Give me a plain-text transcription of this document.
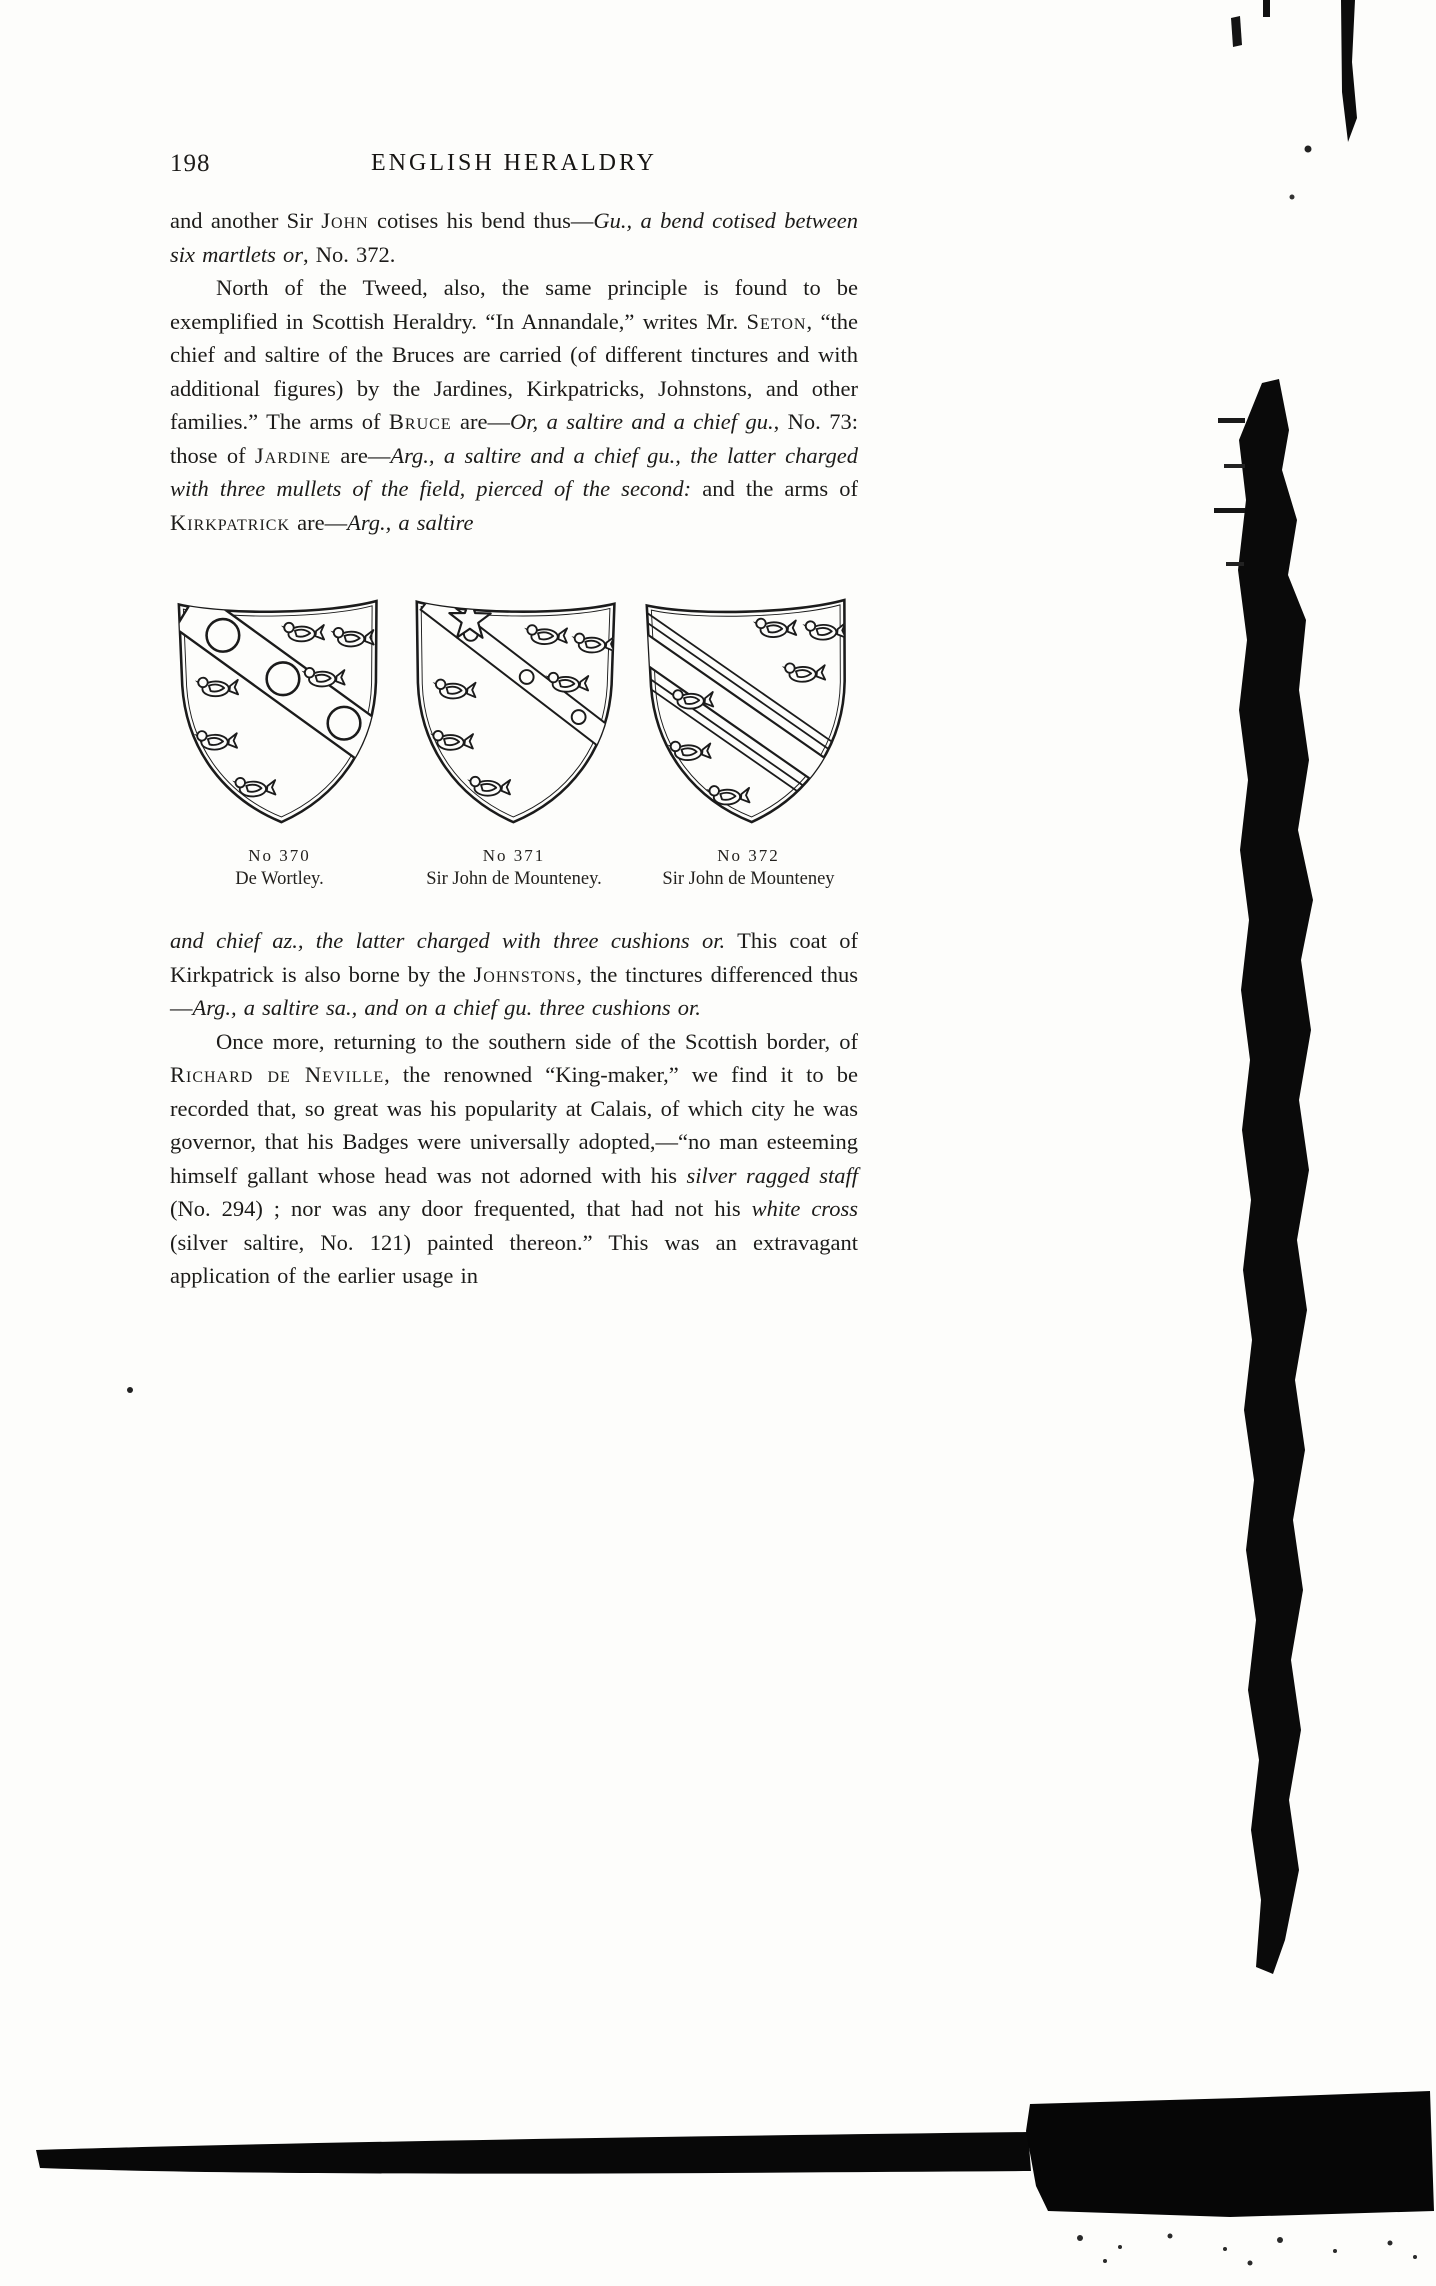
198	ENGLISH HERALDRY

and another Sir John cotises his bend thus—Gu., a bend cotised between six martlets or, No. 372.

North of the Tweed, also, the same principle is found to be exemplified in Scottish Heraldry. “In Annandale,” writes Mr. Seton, “the chief and saltire of the Bruces are carried (of different tinctures and with additional figures) by the Jardines, Kirkpatricks, Johnstons, and other families.” The arms of Bruce are—Or, a saltire and a chief gu., No. 73: those of Jardine are—Arg., a saltire and a chief gu., the latter charged with three mullets of the field, pierced of the second: and the arms of Kirkpatrick are—Arg., a saltire

No 370
De Wortley.
No 371
Sir John de Mounteney.
No 372
Sir John de Mounteney

and chief az., the latter charged with three cushions or. This coat of Kirkpatrick is also borne by the Johnstons, the tinctures differenced thus—Arg., a saltire sa., and on a chief gu. three cushions or.

Once more, returning to the southern side of the Scottish border, of Richard de Neville, the renowned “King-maker,” we find it to be recorded that, so great was his popularity at Calais, of which city he was governor, that his Badges were universally adopted,—“no man esteeming himself gallant whose head was not adorned with his silver ragged staff (No. 294) ; nor was any door frequented, that had not his white cross (silver saltire, No. 121) painted thereon.” This was an extravagant application of the earlier usage in
